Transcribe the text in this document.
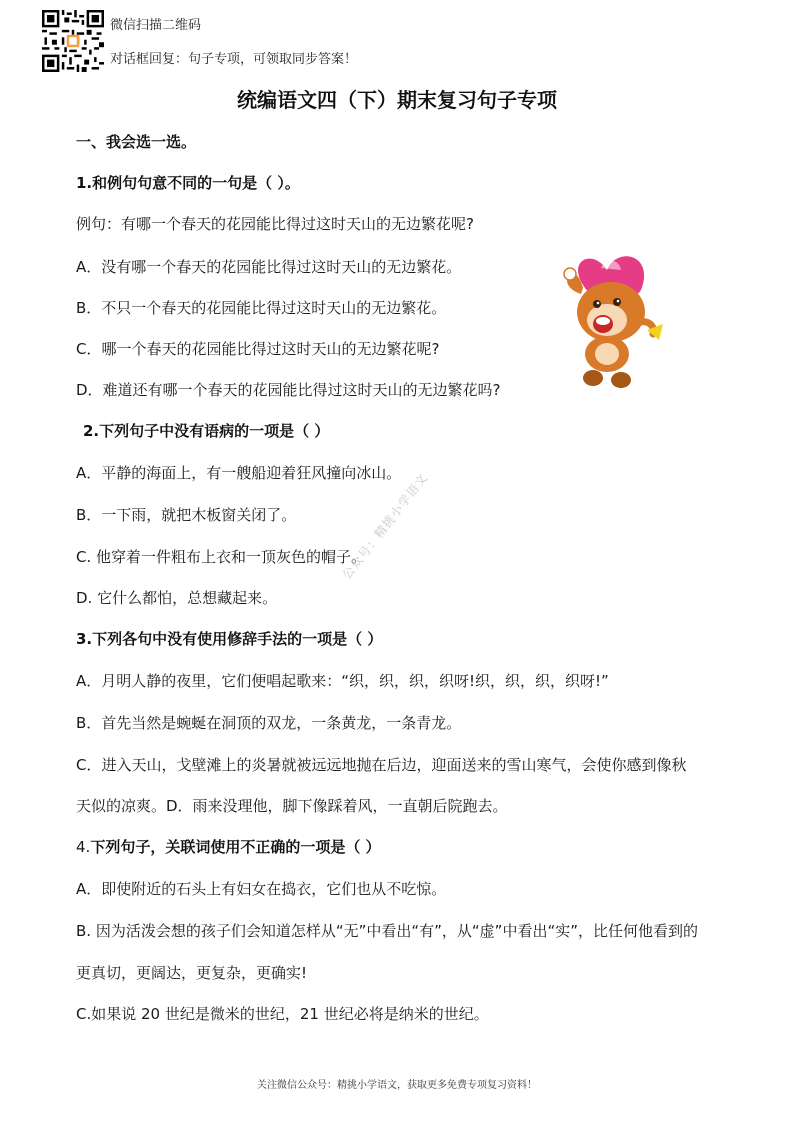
微信扫描二维码
对话框回复：句子专项，可领取同步答案！
统编语文四（下）期末复习句子专项
一、我会选一选。
1.和例句句意不同的一句是（ ）。
例句：有哪一个春天的花园能比得过这时天山的无边繁花呢?
A．没有哪一个春天的花园能比得过这时天山的无边繁花。
B．不只一个春天的花园能比得过这时天山的无边繁花。
C．哪一个春天的花园能比得过这时天山的无边繁花呢?
D．难道还有哪一个春天的花园能比得过这时天山的无边繁花吗?
2.下列句子中没有语病的一项是（ ）
A．平静的海面上，有一艘船迎着狂风撞向冰山。
B．一下雨，就把木板窗关闭了。
C. 他穿着一件粗布上衣和一顶灰色的帽子。
D. 它什么都怕，总想藏起来。
公众号：精挑小学语文
3.下列各句中没有使用修辞手法的一项是（ ）
A．月明人静的夜里，它们便唱起歌来：“织，织，织，织呀!织，织，织，织呀!”
B．首先当然是蜿蜒在洞顶的双龙，一条黄龙，一条青龙。
C．进入天山，戈壁滩上的炎暑就被远远地抛在后边，迎面送来的雪山寒气，会使你感到像秋
天似的凉爽。D．雨来没理他，脚下像踩着风，一直朝后院跑去。
4.下列句子，关联词使用不正确的一项是（ ）
A．即使附近的石头上有妇女在捣衣，它们也从不吃惊。
B. 因为活泼会想的孩子们会知道怎样从“无”中看出“有”，从“虚”中看出“实”，比任何他看到的
更真切，更阔达，更复杂，更确实!
C.如果说 20 世纪是微米的世纪，21 世纪必将是纳米的世纪。
关注微信公众号：精挑小学语文，获取更多免费专项复习资料！
